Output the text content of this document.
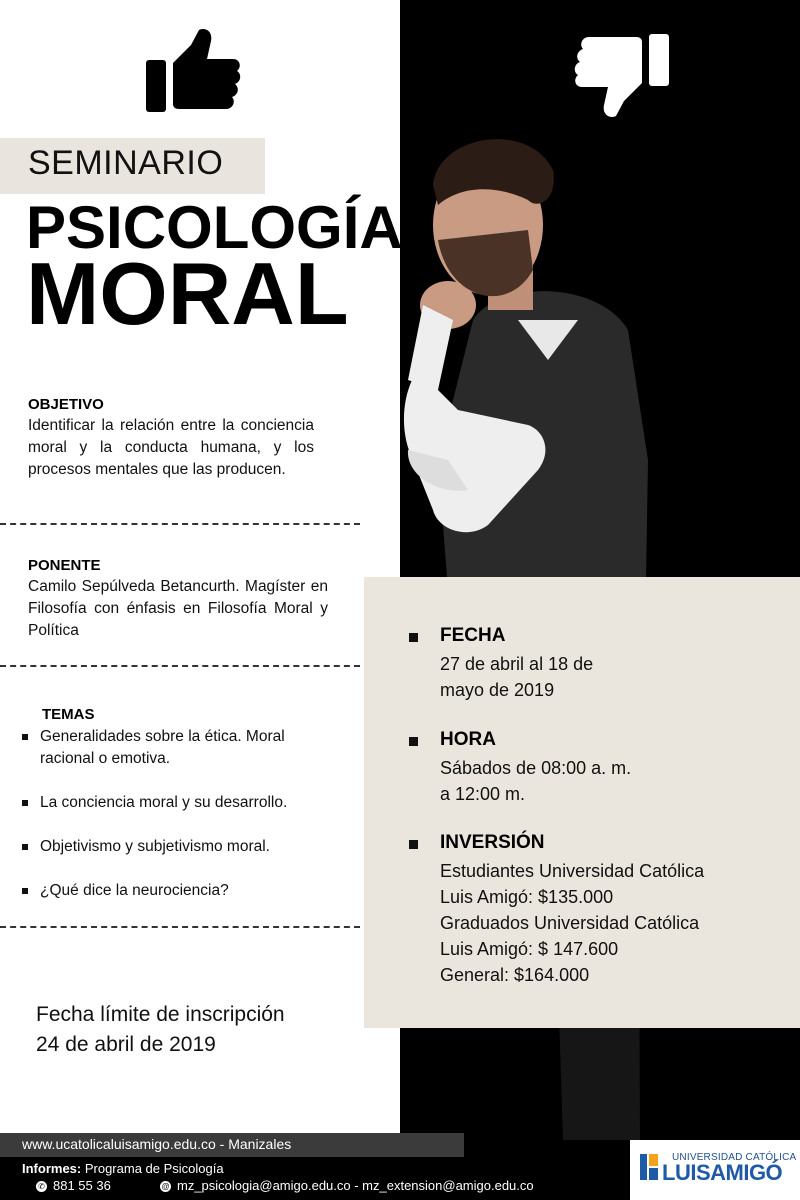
SEMINARIO
PSICOLOGÍA
MORAL
OBJETIVO
Identificar la relación entre la conciencia moral y la conducta humana, y los procesos mentales que las producen.
PONENTE
Camilo Sepúlveda Betancurth. Magíster en Filosofía con énfasis en Filosofía Moral y Política
TEMAS
Generalidades sobre la ética. Moral racional o emotiva.
La conciencia moral y su desarrollo.
Objetivismo y subjetivismo moral.
¿Qué dice la neurociencia?
Fecha límite de inscripción
24 de abril de 2019
FECHA
27 de abril al 18 de
mayo de 2019
HORA
Sábados de 08:00 a. m.
a 12:00 m.
INVERSIÓN
Estudiantes Universidad Católica
Luis Amigó: $135.000
Graduados Universidad Católica
Luis Amigó: $ 147.600
General: $164.000
www.ucatolicaluisamigo.edu.co - Manizales
Informes: Programa de Psicología
✆ 881 55 36	@ mz_psicologia@amigo.edu.co - mz_extension@amigo.edu.co
UNIVERSIDAD CATÓLICA
LUISAMIGÓ
